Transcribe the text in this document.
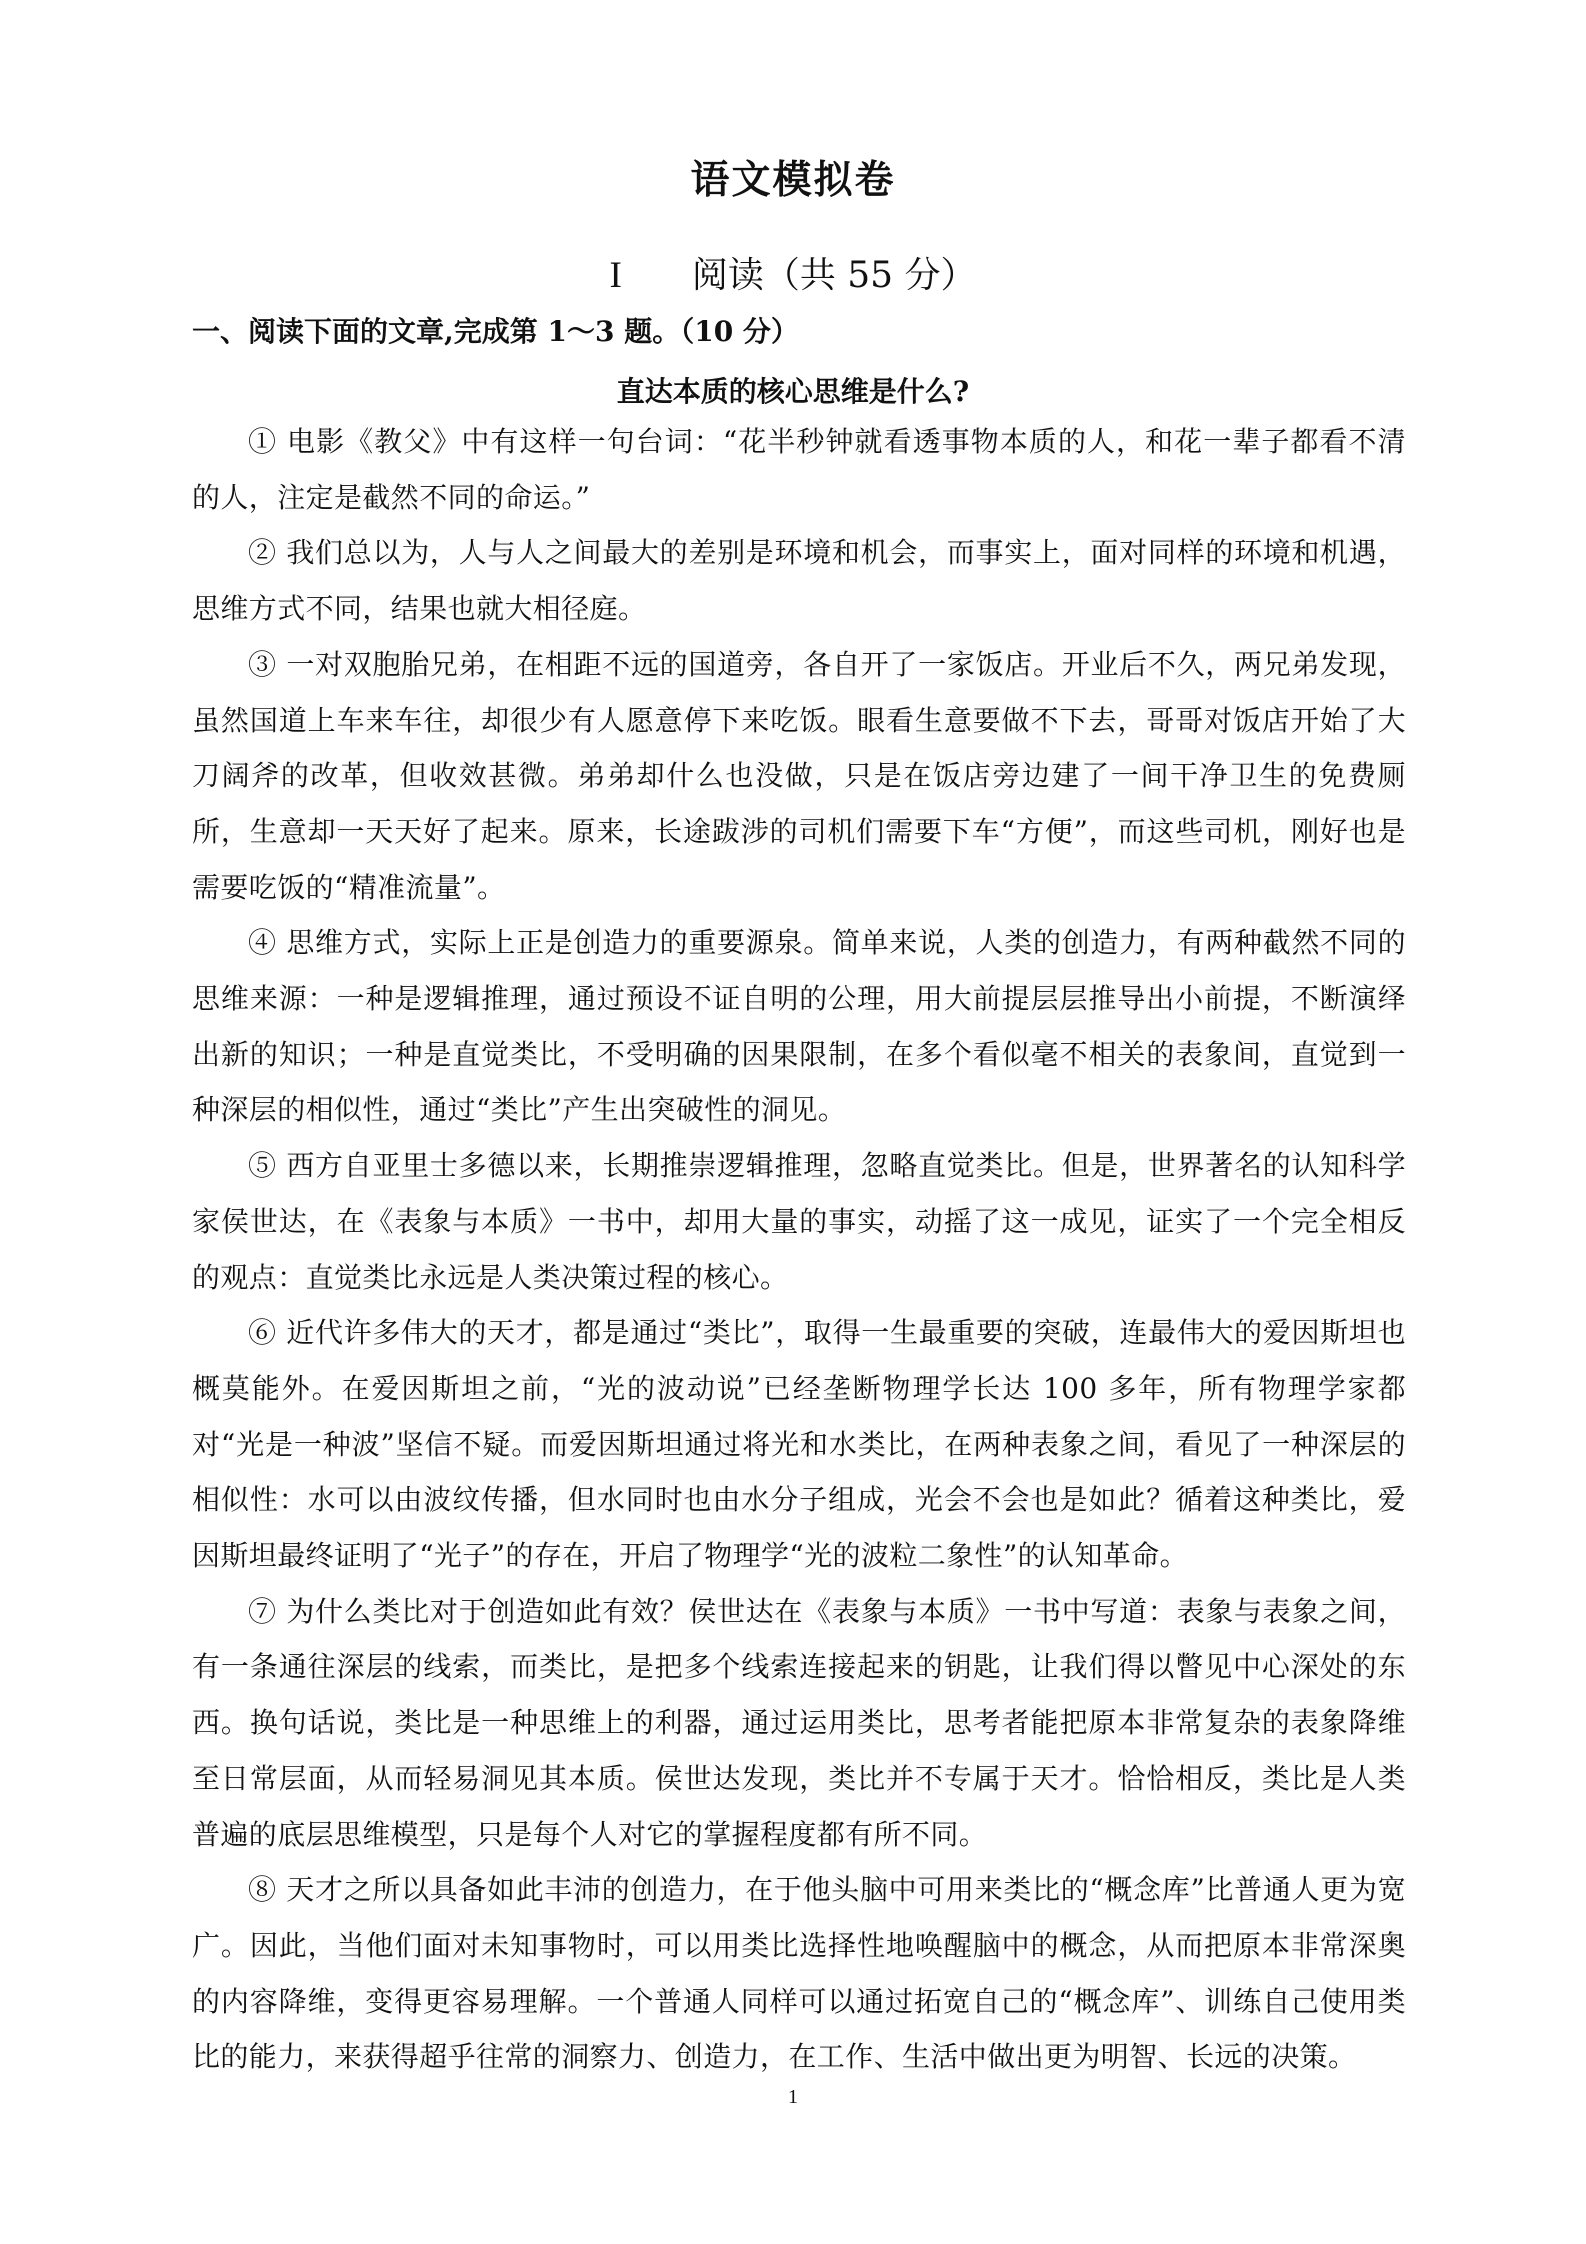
语文模拟卷
I 阅读（共 55 分）
一、阅读下面的文章,完成第 1～3 题。（10 分）
直达本质的核心思维是什么?

① 电影《教父》中有这样一句台词：“花半秒钟就看透事物本质的人，和花一辈子都看不清的人，注定是截然不同的命运。”

② 我们总以为，人与人之间最大的差别是环境和机会，而事实上，面对同样的环境和机遇，思维方式不同，结果也就大相径庭。

③ 一对双胞胎兄弟，在相距不远的国道旁，各自开了一家饭店。开业后不久，两兄弟发现，虽然国道上车来车往，却很少有人愿意停下来吃饭。眼看生意要做不下去，哥哥对饭店开始了大刀阔斧的改革，但收效甚微。弟弟却什么也没做，只是在饭店旁边建了一间干净卫生的免费厕所，生意却一天天好了起来。原来，长途跋涉的司机们需要下车“方便”，而这些司机，刚好也是需要吃饭的“精准流量”。

④ 思维方式，实际上正是创造力的重要源泉。简单来说，人类的创造力，有两种截然不同的思维来源：一种是逻辑推理，通过预设不证自明的公理，用大前提层层推导出小前提，不断演绎出新的知识；一种是直觉类比，不受明确的因果限制，在多个看似毫不相关的表象间，直觉到一种深层的相似性，通过“类比”产生出突破性的洞见。

⑤ 西方自亚里士多德以来，长期推崇逻辑推理，忽略直觉类比。但是，世界著名的认知科学家侯世达，在《表象与本质》一书中，却用大量的事实，动摇了这一成见，证实了一个完全相反的观点：直觉类比永远是人类决策过程的核心。

⑥ 近代许多伟大的天才，都是通过“类比”，取得一生最重要的突破，连最伟大的爱因斯坦也概莫能外。在爱因斯坦之前，“光的波动说”已经垄断物理学长达 100 多年，所有物理学家都对“光是一种波”坚信不疑。而爱因斯坦通过将光和水类比，在两种表象之间，看见了一种深层的相似性：水可以由波纹传播，但水同时也由水分子组成，光会不会也是如此？循着这种类比，爱因斯坦最终证明了“光子”的存在，开启了物理学“光的波粒二象性”的认知革命。

⑦ 为什么类比对于创造如此有效？侯世达在《表象与本质》一书中写道：表象与表象之间，有一条通往深层的线索，而类比，是把多个线索连接起来的钥匙，让我们得以瞥见中心深处的东西。换句话说，类比是一种思维上的利器，通过运用类比，思考者能把原本非常复杂的表象降维至日常层面，从而轻易洞见其本质。侯世达发现，类比并不专属于天才。恰恰相反，类比是人类普遍的底层思维模型，只是每个人对它的掌握程度都有所不同。

⑧ 天才之所以具备如此丰沛的创造力，在于他头脑中可用来类比的“概念库”比普通人更为宽广。因此，当他们面对未知事物时，可以用类比选择性地唤醒脑中的概念，从而把原本非常深奥的内容降维，变得更容易理解。一个普通人同样可以通过拓宽自己的“概念库”、训练自己使用类比的能力，来获得超乎往常的洞察力、创造力，在工作、生活中做出更为明智、长远的决策。

1
